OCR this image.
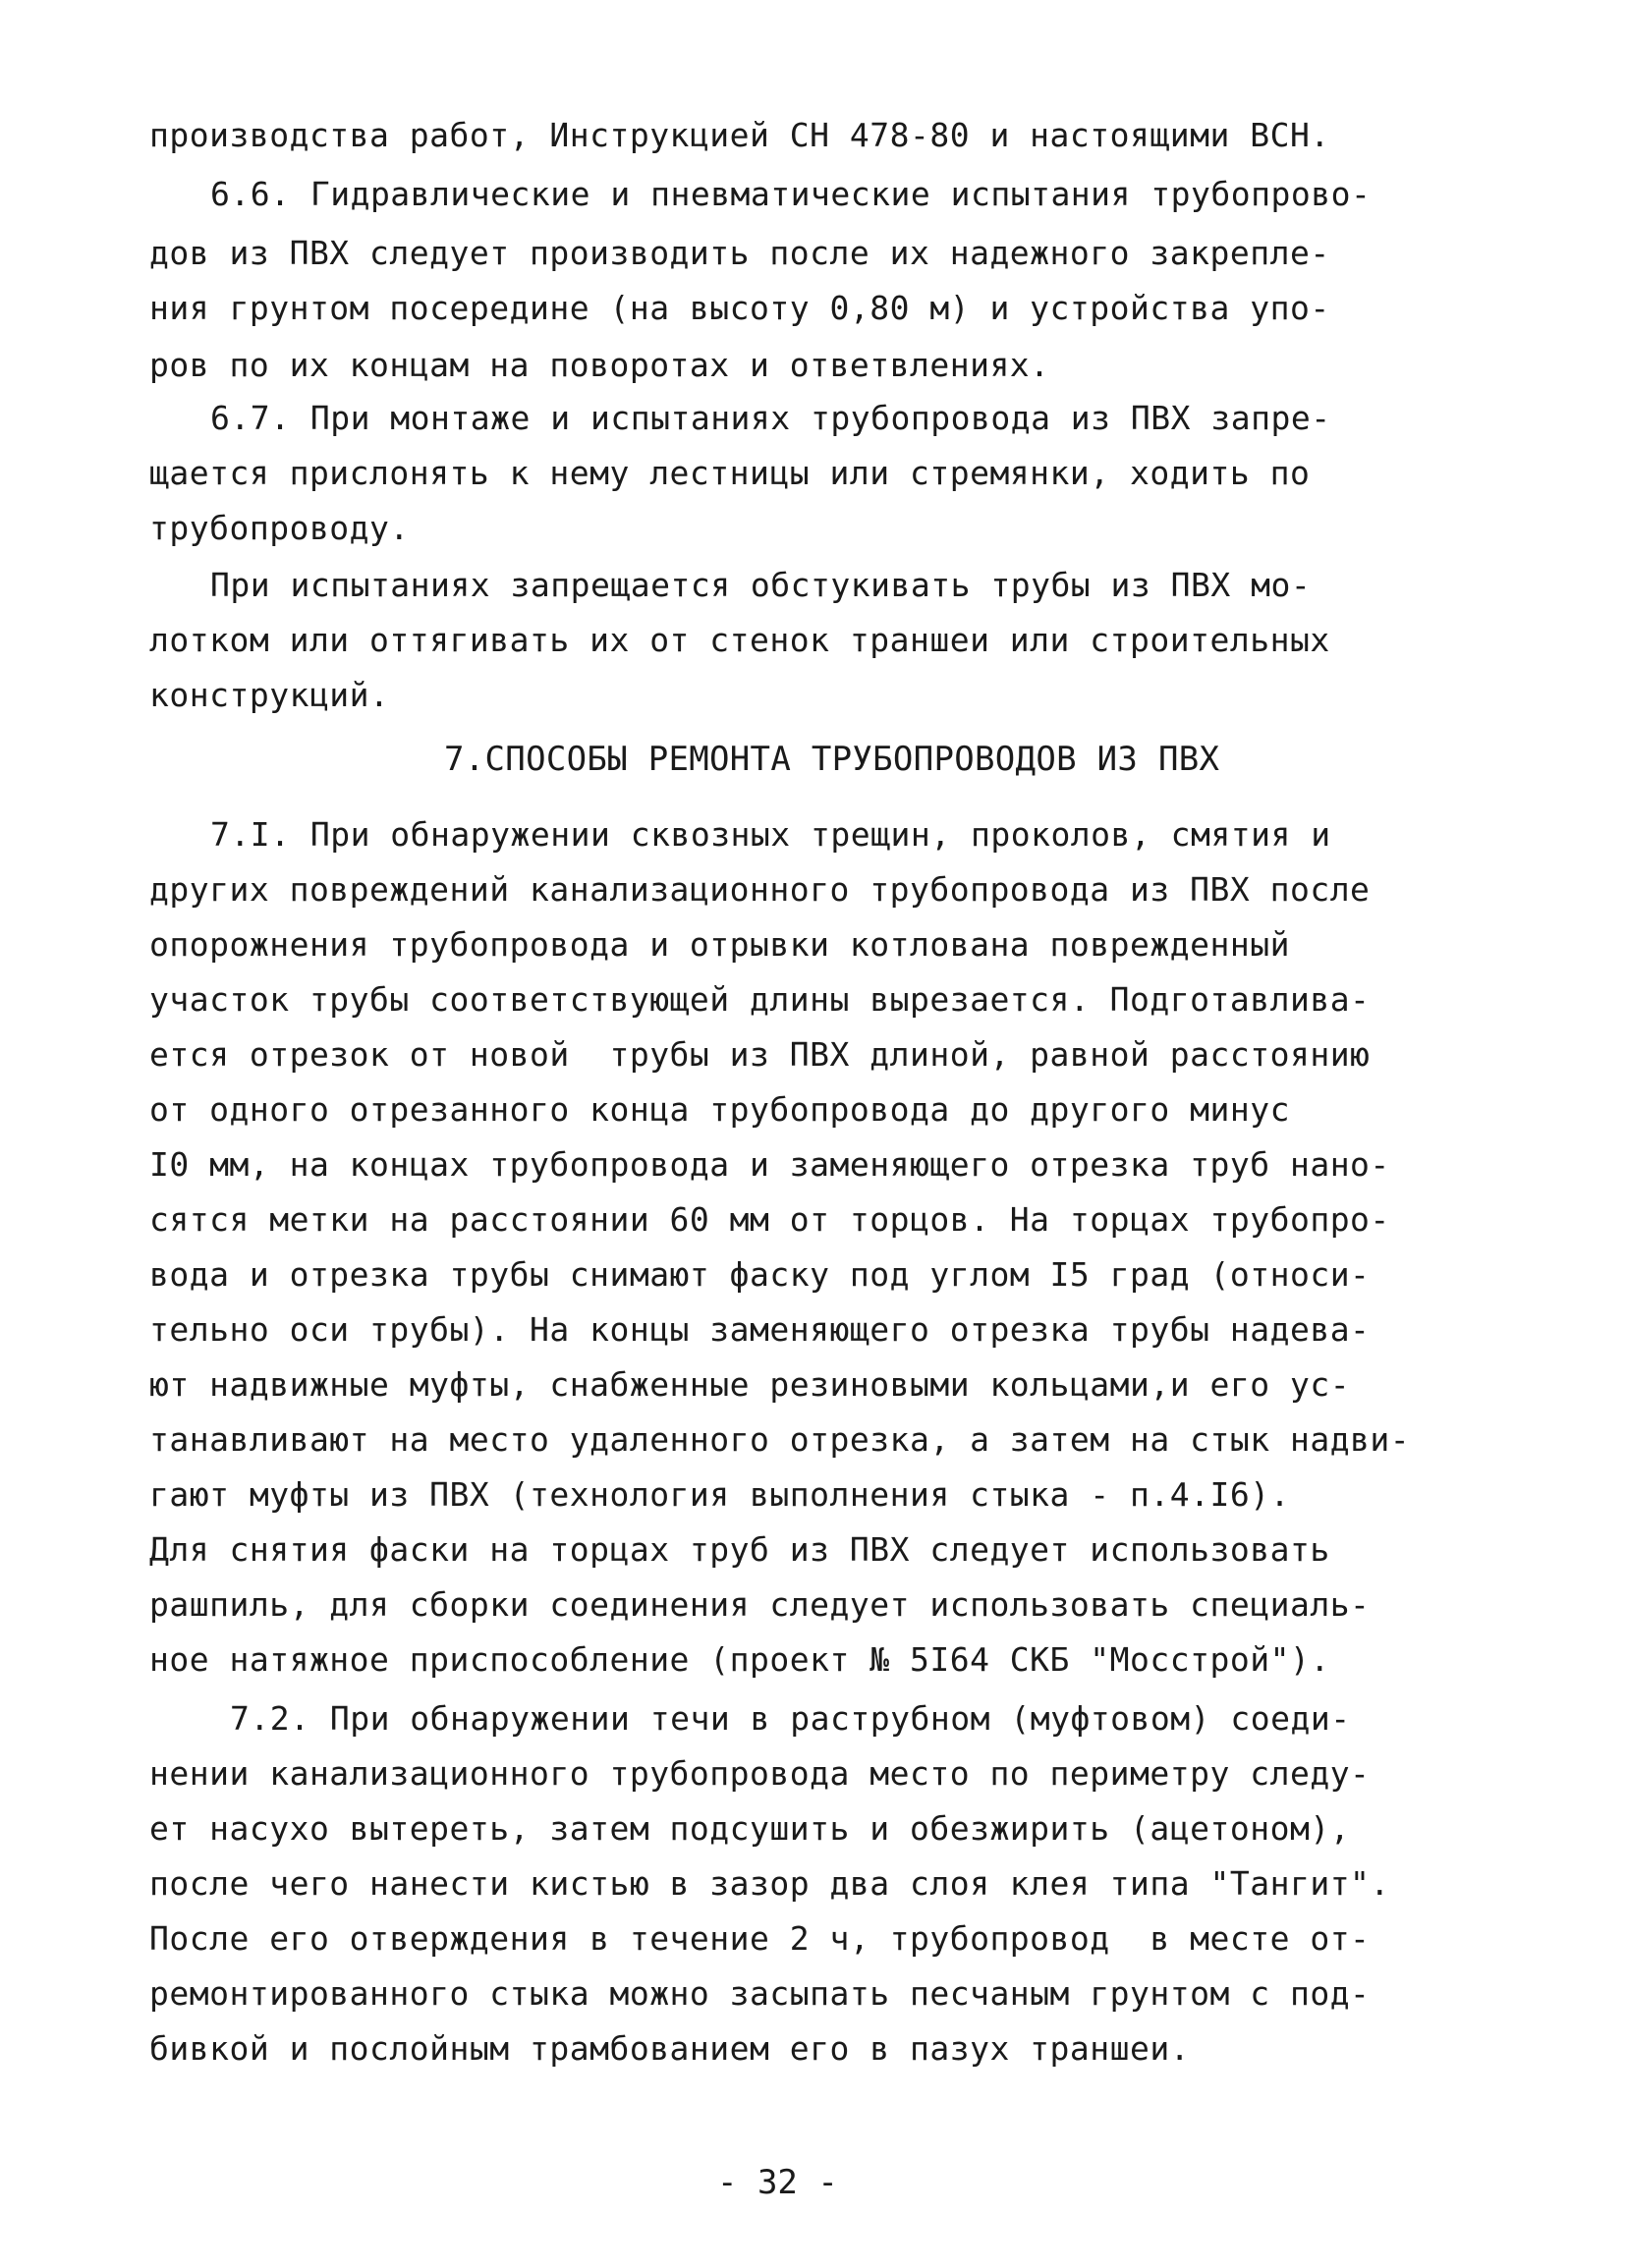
производства работ, Инструкцией СН 478-80 и настоящими ВСН.
6.6. Гидравлические и пневматические испытания трубопрово-
дов из ПВХ следует производить после их надежного закрепле-
ния грунтом посередине (на высоту 0,80 м) и устройства упо-
ров по их концам на поворотах и ответвлениях.
6.7. При монтаже и испытаниях трубопровода из ПВХ запре-
щается прислонять к нему лестницы или стремянки, ходить по
трубопроводу.
При испытаниях запрещается обстукивать трубы из ПВХ мо-
лотком или оттягивать их от стенок траншеи или строительных
конструкций.
7.СПОСОБЫ РЕМОНТА ТРУБОПРОВОДОВ ИЗ ПВХ
7.I. При обнаружении сквозных трещин, проколов, смятия и
других повреждений канализационного трубопровода из ПВХ после
опорожнения трубопровода и отрывки котлована поврежденный
участок трубы соответствующей длины вырезается. Подготавлива-
ется отрезок от новой  трубы из ПВХ длиной, равной расстоянию
от одного отрезанного конца трубопровода до другого минус
I0 мм, на концах трубопровода и заменяющего отрезка труб нано-
сятся метки на расстоянии 60 мм от торцов. На торцах трубопро-
вода и отрезка трубы снимают фаску под углом I5 град (относи-
тельно оси трубы). На концы заменяющего отрезка трубы надева-
ют надвижные муфты, снабженные резиновыми кольцами,и его ус-
танавливают на место удаленного отрезка, а затем на стык надви-
гают муфты из ПВХ (технология выполнения стыка - п.4.I6).
Для снятия фаски на торцах труб из ПВХ следует использовать
рашпиль, для сборки соединения следует использовать специаль-
ное натяжное приспособление (проект № 5I64 СКБ "Мосстрой").
7.2. При обнаружении течи в раструбном (муфтовом) соеди-
нении канализационного трубопровода место по периметру следу-
ет насухо вытереть, затем подсушить и обезжирить (ацетоном),
после чего нанести кистью в зазор два слоя клея типа "Тангит".
После его отверждения в течение 2 ч, трубопровод  в месте от-
ремонтированного стыка можно засыпать песчаным грунтом с под-
бивкой и послойным трамбованием его в пазух траншеи.
- 32 -
